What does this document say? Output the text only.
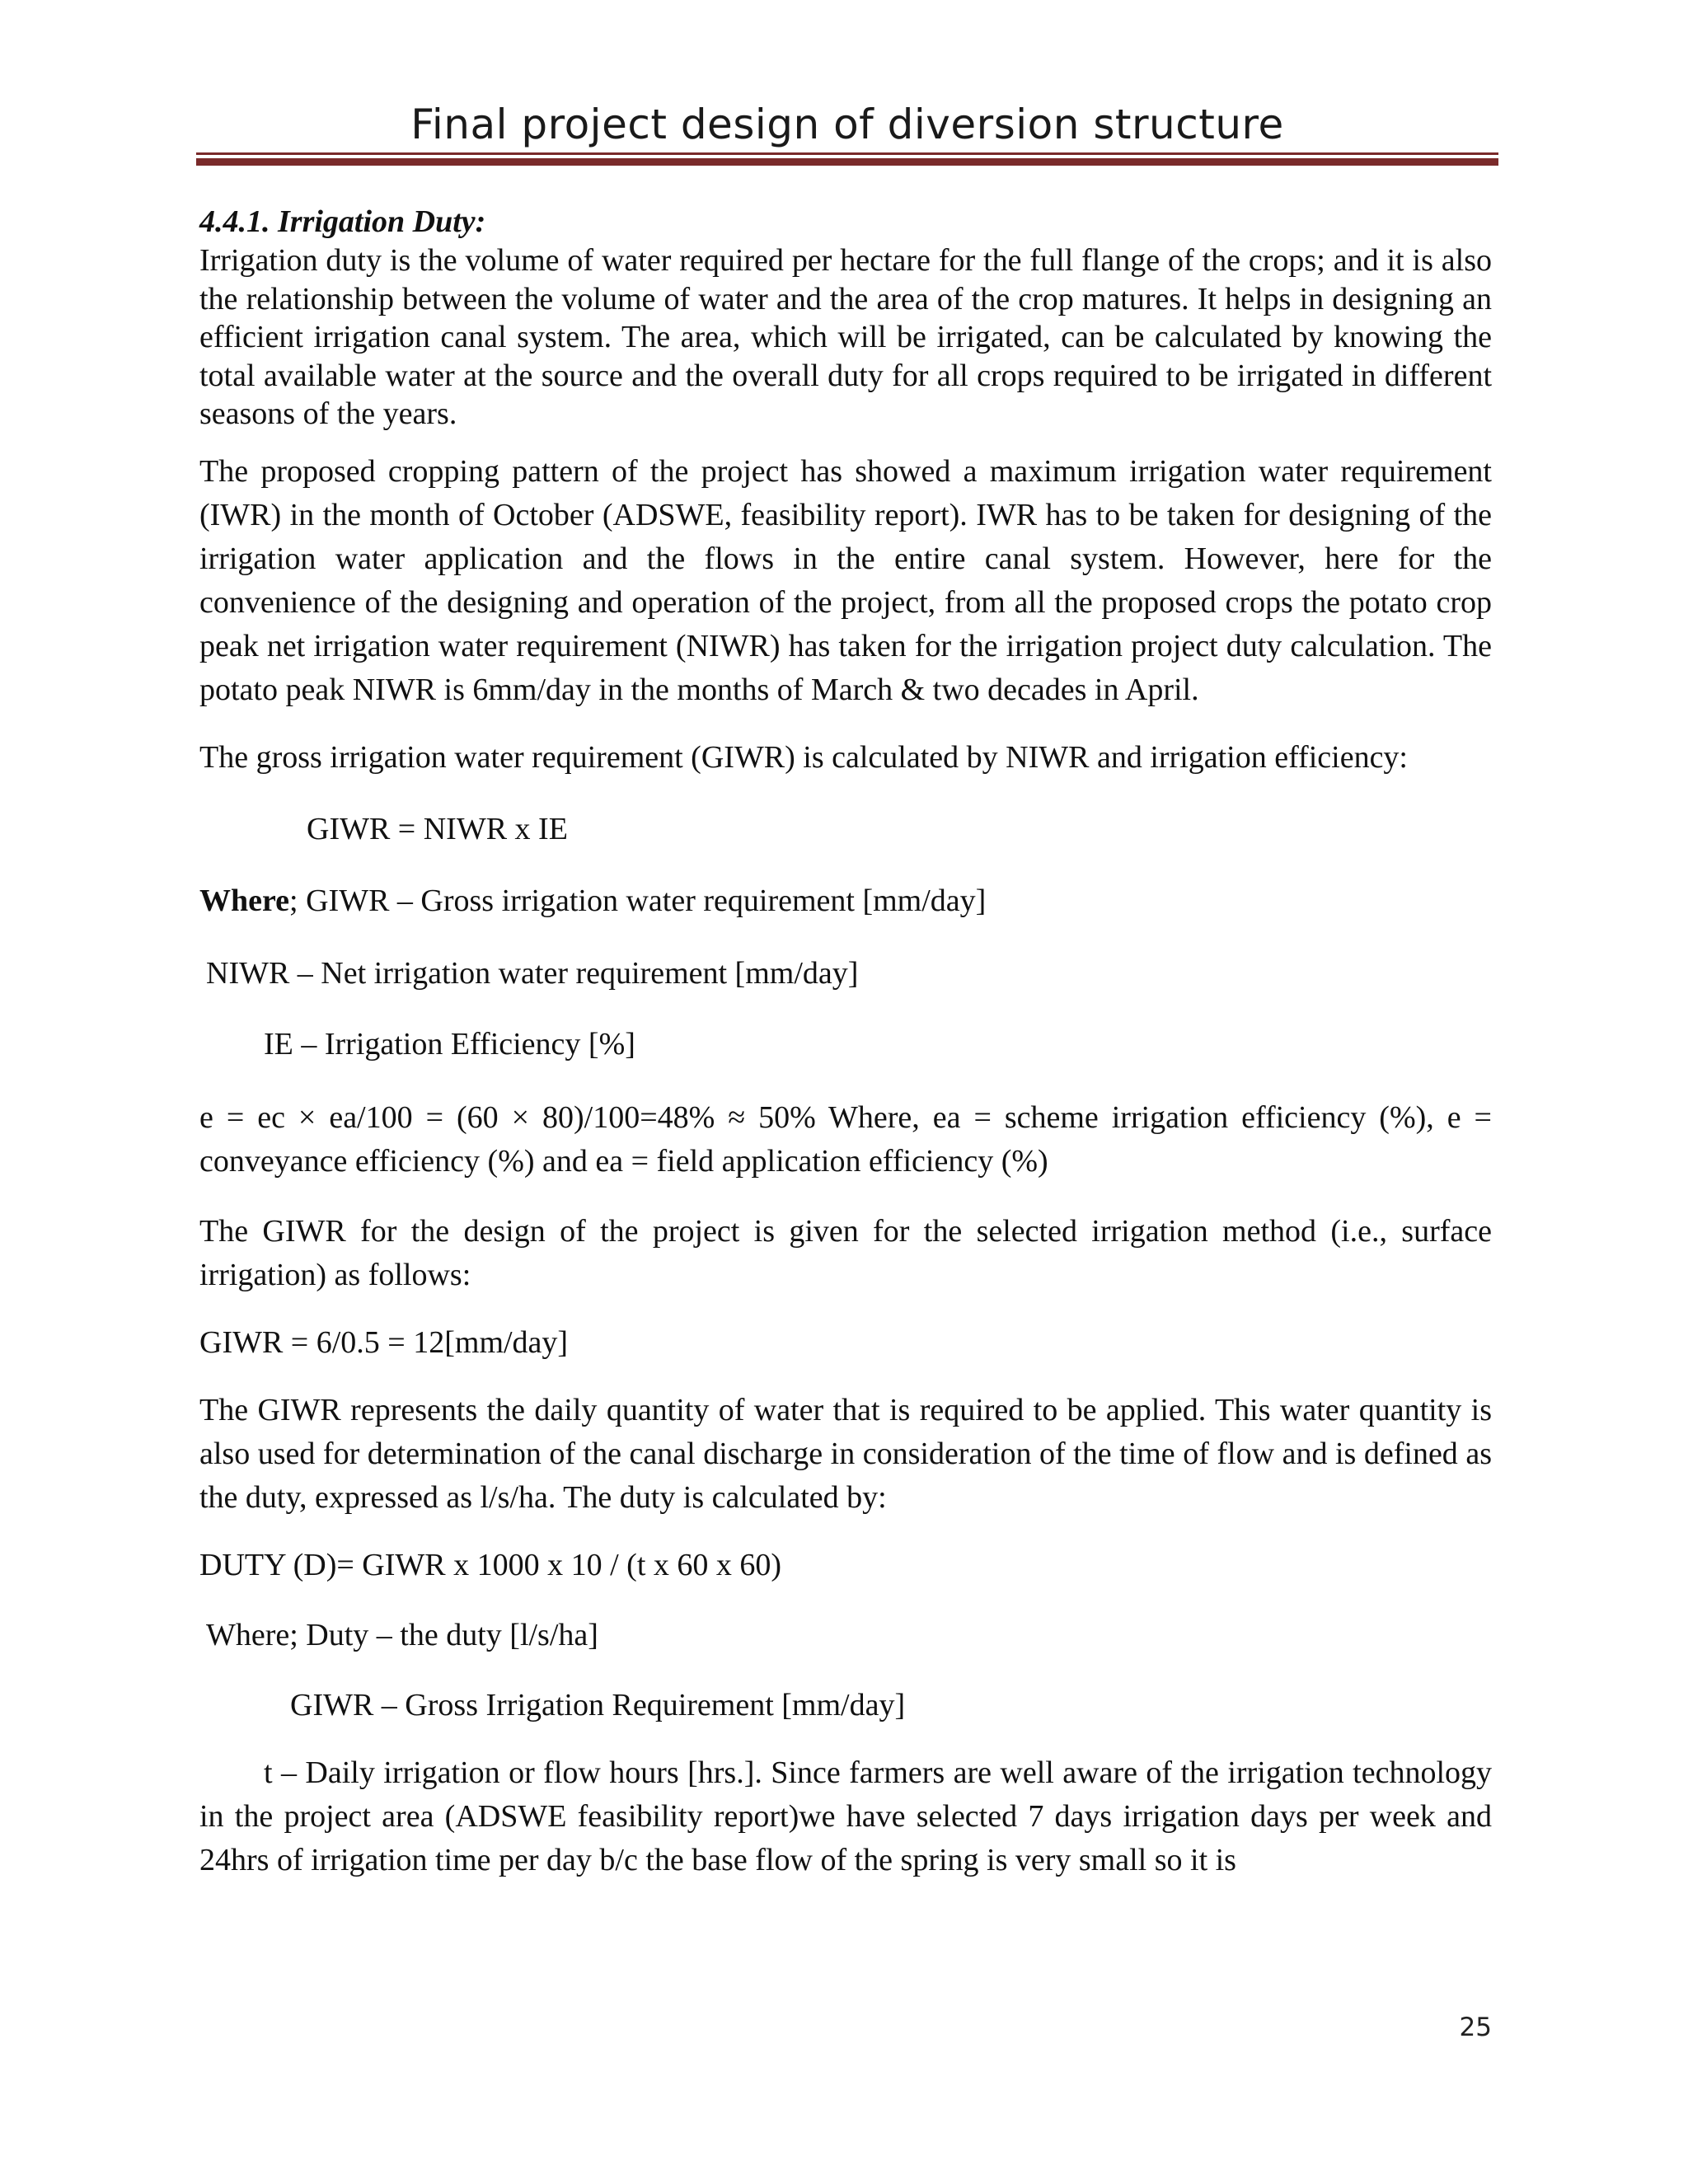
Final project design of diversion structure

4.4.1. Irrigation Duty:

Irrigation duty is the volume of water required per hectare for the full flange of the crops; and it is also the relationship between the volume of water and the area of the crop matures. It helps in designing an efficient irrigation canal system. The area, which will be irrigated, can be calculated by knowing the total available water at the source and the overall duty for all crops required to be irrigated in different seasons of the years.

The proposed cropping pattern of the project has showed a maximum irrigation water requirement (IWR) in the month of October (ADSWE, feasibility report). IWR has to be taken for designing of the irrigation water application and the flows in the entire canal system. However, here for the convenience of the designing and operation of the project, from all the proposed crops the potato crop peak net irrigation water requirement (NIWR) has taken for the irrigation project duty calculation. The potato peak NIWR is 6mm/day in the months of March & two decades in April.

The gross irrigation water requirement (GIWR) is calculated by NIWR and irrigation efficiency:

GIWR = NIWR x IE

Where; GIWR – Gross irrigation water requirement [mm/day]

NIWR – Net irrigation water requirement [mm/day]

IE – Irrigation Efficiency [%]

e = ec × ea/100 = (60 × 80)/100=48% ≈ 50% Where, ea = scheme irrigation efficiency (%), e = conveyance efficiency (%) and ea = field application efficiency (%)

The GIWR for the design of the project is given for the selected irrigation method (i.e., surface irrigation) as follows:

GIWR = 6/0.5 = 12[mm/day]

The GIWR represents the daily quantity of water that is required to be applied. This water quantity is also used for determination of the canal discharge in consideration of the time of flow and is defined as the duty, expressed as l/s/ha. The duty is calculated by:

DUTY (D)= GIWR x 1000 x 10 / (t x 60 x 60)

Where; Duty – the duty [l/s/ha]

GIWR – Gross Irrigation Requirement [mm/day]

t – Daily irrigation or flow hours [hrs.]. Since farmers are well aware of the irrigation technology in the project area (ADSWE feasibility report)we have selected 7 days irrigation days per week and 24hrs of irrigation time per day b/c the base flow of the spring is very small so it is

25
